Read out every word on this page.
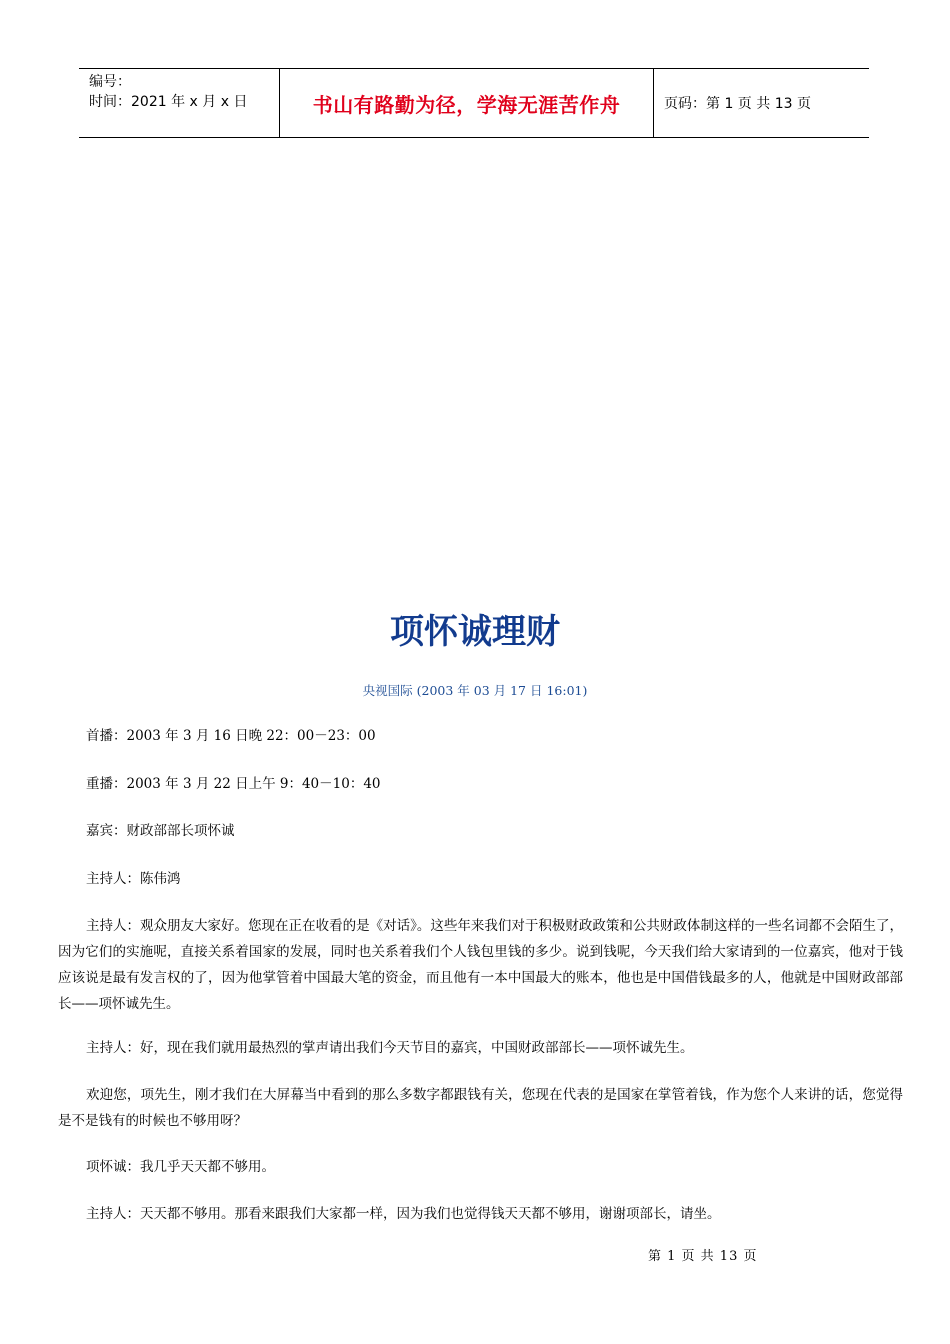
编号：
时间：2021 年 x 月 x 日	书山有路勤为径，学海无涯苦作舟	页码：第 1 页 共 13 页
项怀诚理财
央视国际 (2003 年 03 月 17 日 16:01)
首播：2003 年 3 月 16 日晚 22：00－23：00
重播：2003 年 3 月 22 日上午 9：40－10：40
嘉宾：财政部部长项怀诚
主持人：陈伟鸿
主持人：观众朋友大家好。您现在正在收看的是《对话》。这些年来我们对于积极财政政策和公共财政体制这样的一些名词都不会陌生了，因为它们的实施呢，直接关系着国家的发展，同时也关系着我们个人钱包里钱的多少。说到钱呢，今天我们给大家请到的一位嘉宾，他对于钱应该说是最有发言权的了，因为他掌管着中国最大笔的资金，而且他有一本中国最大的账本，他也是中国借钱最多的人，他就是中国财政部部长——项怀诚先生。
主持人：好，现在我们就用最热烈的掌声请出我们今天节目的嘉宾，中国财政部部长——项怀诚先生。
欢迎您，项先生，刚才我们在大屏幕当中看到的那么多数字都跟钱有关，您现在代表的是国家在掌管着钱，作为您个人来讲的话，您觉得是不是钱有的时候也不够用呀？
项怀诚：我几乎天天都不够用。
主持人：天天都不够用。那看来跟我们大家都一样，因为我们也觉得钱天天都不够用，谢谢项部长，请坐。
第 1 页 共 13 页
